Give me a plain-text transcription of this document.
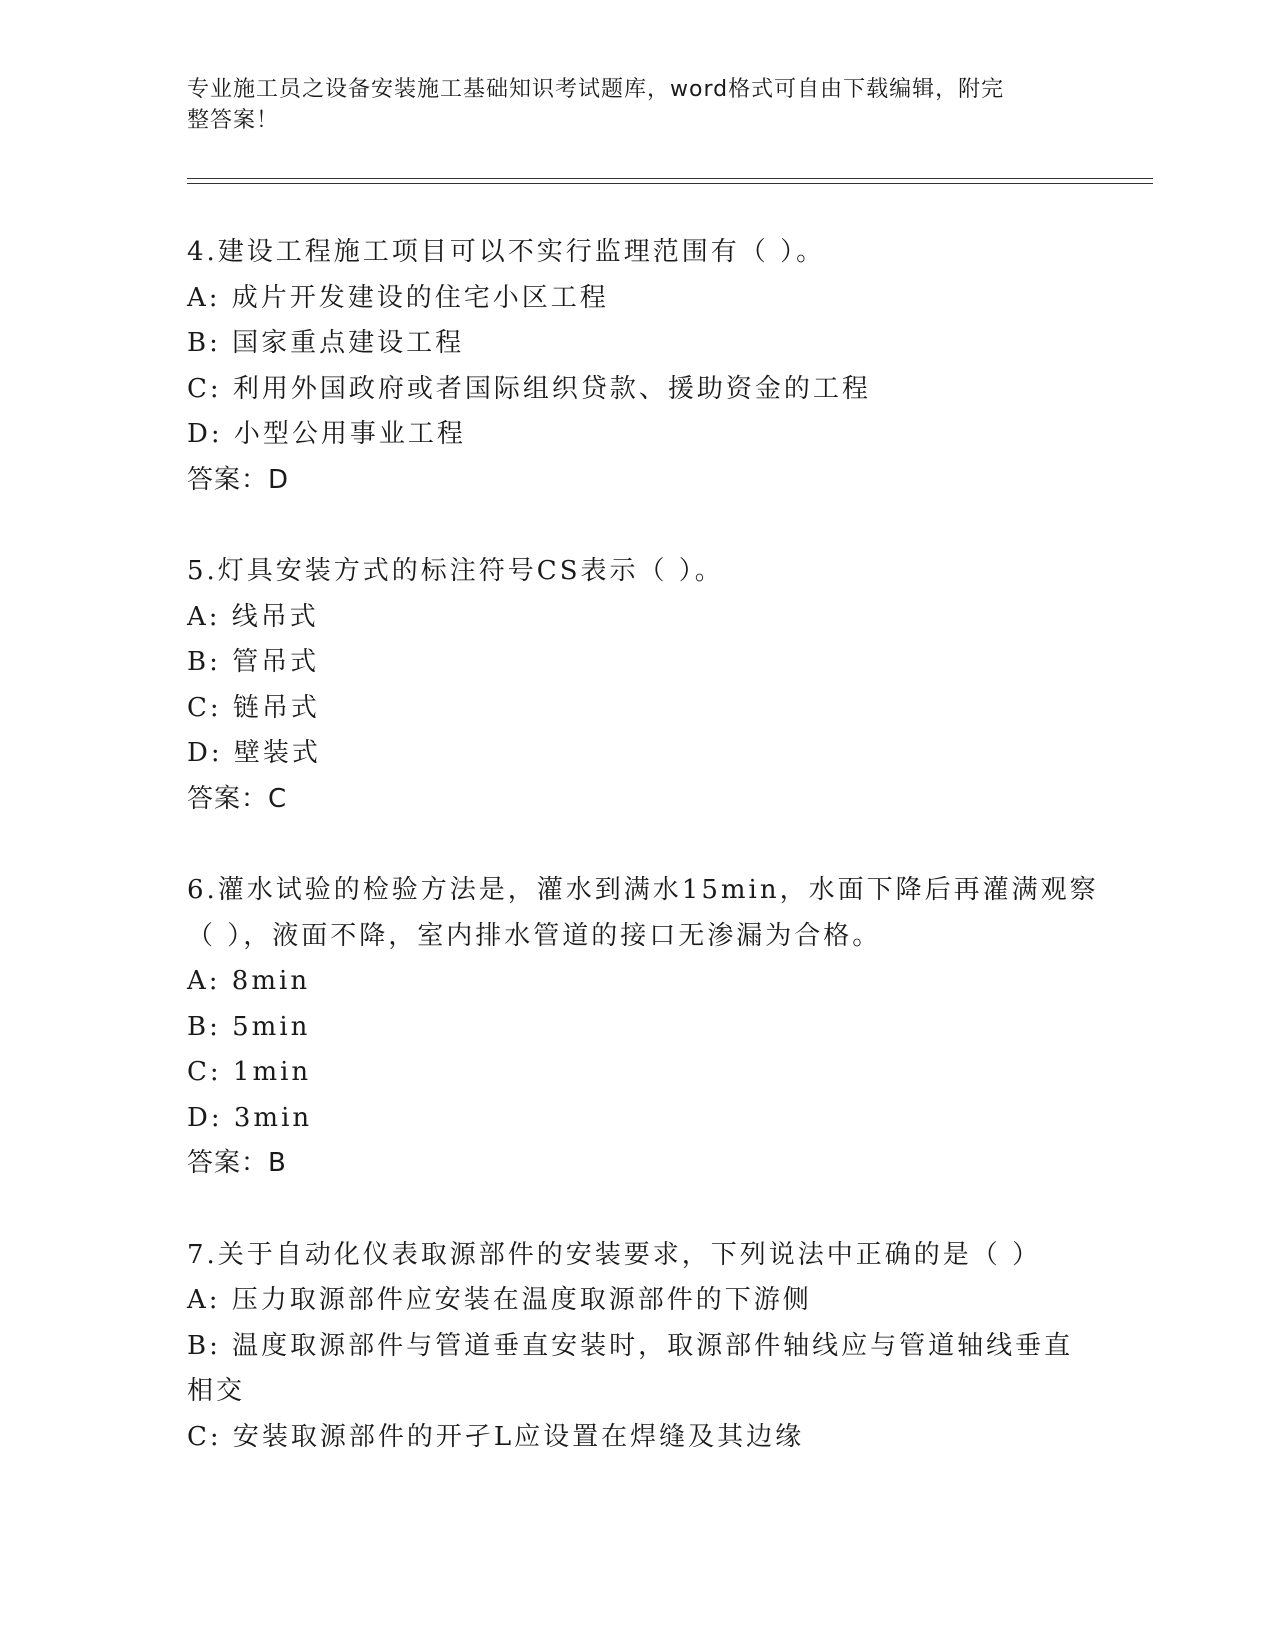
专业施工员之设备安装施工基础知识考试题库，word格式可自由下载编辑，附完
整答案！
4.建设工程施工项目可以不实行监理范围有（ ）。
A: 成片开发建设的住宅小区工程
B: 国家重点建设工程
C: 利用外国政府或者国际组织贷款、援助资金的工程
D: 小型公用事业工程
答案：D
5.灯具安装方式的标注符号CS表示（ ）。
A: 线吊式
B: 管吊式
C: 链吊式
D: 壁装式
答案：C
6.灌水试验的检验方法是，灌水到满水15min，水面下降后再灌满观察
（ ），液面不降，室内排水管道的接口无渗漏为合格。
A: 8min
B: 5min
C: 1min
D: 3min
答案：B
7.关于自动化仪表取源部件的安装要求，下列说法中正确的是（ ）
A: 压力取源部件应安装在温度取源部件的下游侧
B: 温度取源部件与管道垂直安装时，取源部件轴线应与管道轴线垂直
相交
C: 安装取源部件的开孑L应设置在焊缝及其边缘
